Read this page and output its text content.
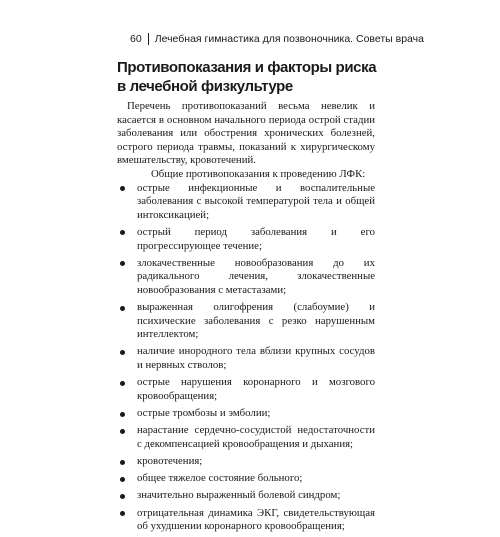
60 Лечебная гимнастика для позвоночника. Советы врача
Противопоказания и факторы риска
в лечебной физкультуре

Перечень противопоказаний весьма невелик и касается в основном начального периода острой стадии заболевания или обострения хронических болезней, острого периода травмы, показаний к хирургическому вмешательству, кровотечений.

Общие противопоказания к проведению ЛФК:

острые инфекционные и воспалительные заболевания с высокой температурой тела и общей интоксикацией;
острый период заболевания и его прогрессирующее течение;
злокачественные новообразования до их радикального лечения, злокачественные новообразования с метастазами;
выраженная олигофрения (слабоумие) и психические заболевания с резко нарушенным интеллектом;
наличие инородного тела вблизи крупных сосудов и нервных стволов;
острые нарушения коронарного и мозгового кровообращения;
острые тромбозы и эмболии;
нарастание сердечно-сосудистой недостаточности с декомпенсацией кровообращения и дыхания;
кровотечения;
общее тяжелое состояние больного;
значительно выраженный болевой синдром;
отрицательная динамика ЭКГ, свидетельствующая об ухудшении коронарного кровообращения;
